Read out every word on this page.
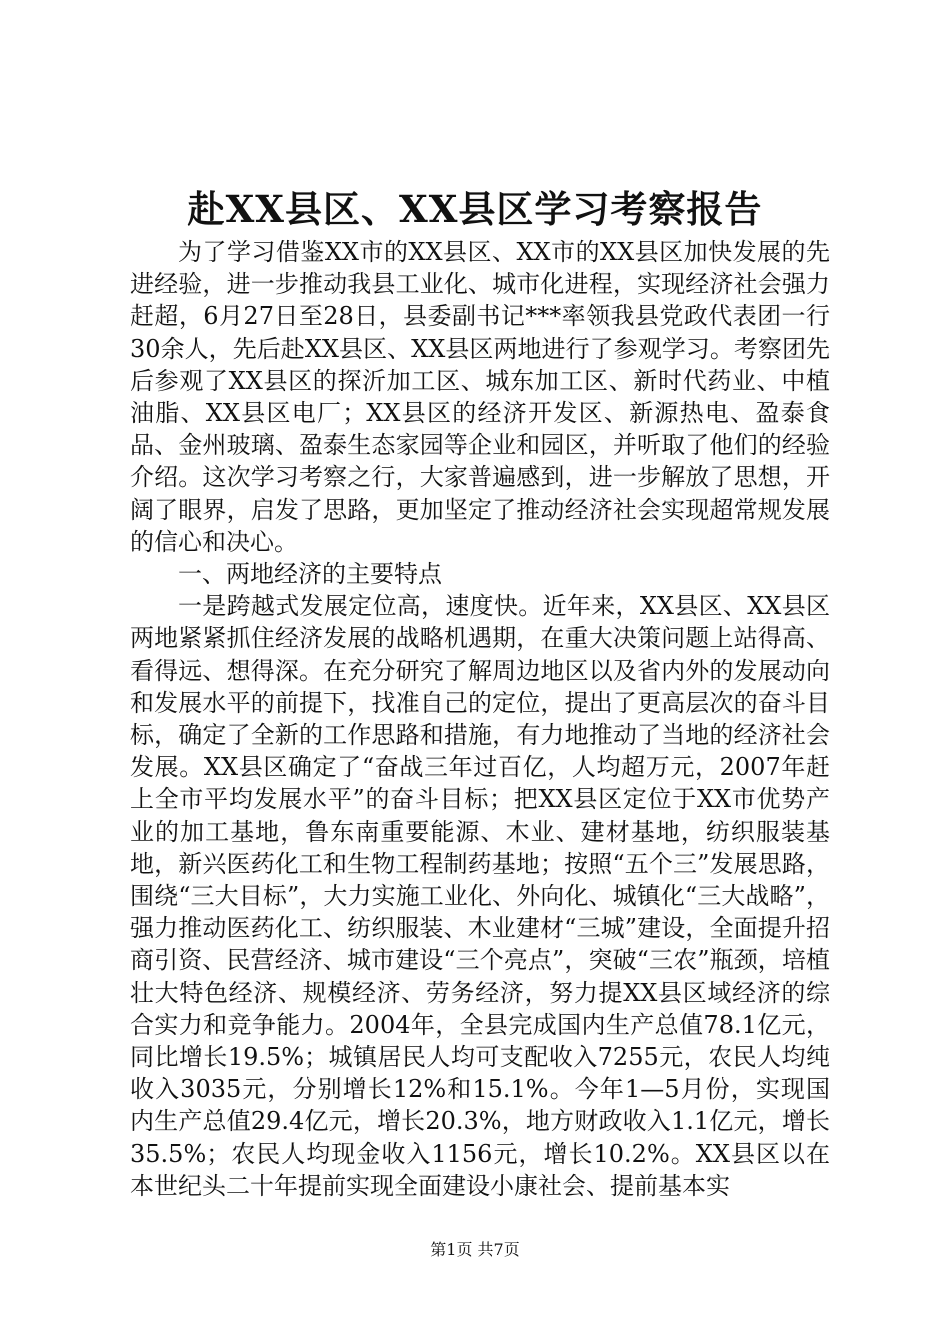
赴XX县区、XX县区学习考察报告

为了学习借鉴XX市的XX县区、XX市的XX县区加快发展的先进经验，进一步推动我县工业化、城市化进程，实现经济社会强力赶超，6月27日至28日，县委副书记***率领我县党政代表团一行30余人，先后赴XX县区、XX县区两地进行了参观学习。考察团先后参观了XX县区的探沂加工区、城东加工区、新时代药业、中植油脂、XX县区电厂；XX县区的经济开发区、新源热电、盈泰食品、金州玻璃、盈泰生态家园等企业和园区，并听取了他们的经验介绍。这次学习考察之行，大家普遍感到，进一步解放了思想，开阔了眼界，启发了思路，更加坚定了推动经济社会实现超常规发展的信心和决心。

一、两地经济的主要特点

一是跨越式发展定位高，速度快。近年来，XX县区、XX县区两地紧紧抓住经济发展的战略机遇期，在重大决策问题上站得高、看得远、想得深。在充分研究了解周边地区以及省内外的发展动向和发展水平的前提下，找准自己的定位，提出了更高层次的奋斗目标，确定了全新的工作思路和措施，有力地推动了当地的经济社会发展。XX县区确定了“奋战三年过百亿，人均超万元，2007年赶上全市平均发展水平”的奋斗目标；把XX县区定位于XX市优势产业的加工基地，鲁东南重要能源、木业、建材基地，纺织服装基地，新兴医药化工和生物工程制药基地；按照“五个三”发展思路，围绕“三大目标”，大力实施工业化、外向化、城镇化“三大战略”，强力推动医药化工、纺织服装、木业建材“三城”建设，全面提升招商引资、民营经济、城市建设“三个亮点”，突破“三农”瓶颈，培植壮大特色经济、规模经济、劳务经济，努力提XX县区域经济的综合实力和竞争能力。2004年，全县完成国内生产总值78.1亿元，同比增长19.5%；城镇居民人均可支配收入7255元，农民人均纯收入3035元，分别增长12%和15.1%。今年1—5月份，实现国内生产总值29.4亿元，增长20.3%，地方财政收入1.1亿元，增长35.5%；农民人均现金收入1156元，增长10.2%。XX县区以在本世纪头二十年提前实现全面建设小康社会、提前基本实

第1页 共7页
